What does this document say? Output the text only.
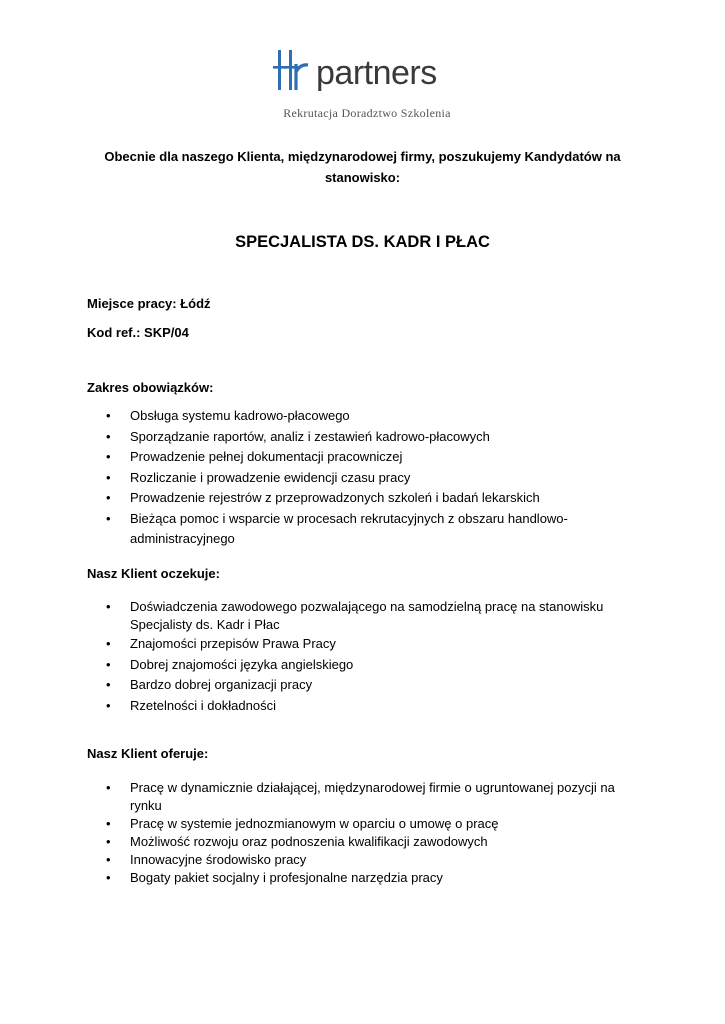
partners
Rekrutacja Doradztwo Szkolenia
Obecnie dla naszego Klienta, międzynarodowej firmy, poszukujemy Kandydatów na
stanowisko:
SPECJALISTA DS. KADR I PŁAC
Miejsce pracy: Łódź
Kod ref.: SKP/04
Zakres obowiązków:
• Obsługa systemu kadrowo-płacowego
• Sporządzanie raportów, analiz i zestawień kadrowo-płacowych
• Prowadzenie pełnej dokumentacji pracowniczej
• Rozliczanie i prowadzenie ewidencji czasu pracy
• Prowadzenie rejestrów z przeprowadzonych szkoleń i badań lekarskich
• Bieżąca pomoc i wsparcie w procesach rekrutacyjnych z obszaru handlowo-
administracyjnego
Nasz Klient oczekuje:
• Doświadczenia zawodowego pozwalającego na samodzielną pracę na stanowisku
Specjalisty ds. Kadr i Płac
• Znajomości przepisów Prawa Pracy
• Dobrej znajomości języka angielskiego
• Bardzo dobrej organizacji pracy
• Rzetelności i dokładności
Nasz Klient oferuje:
• Pracę w dynamicznie działającej, międzynarodowej firmie o ugruntowanej pozycji na
rynku
• Pracę w systemie jednozmianowym w oparciu o umowę o pracę
• Możliwość rozwoju oraz podnoszenia kwalifikacji zawodowych
• Innowacyjne środowisko pracy
• Bogaty pakiet socjalny i profesjonalne narzędzia pracy
